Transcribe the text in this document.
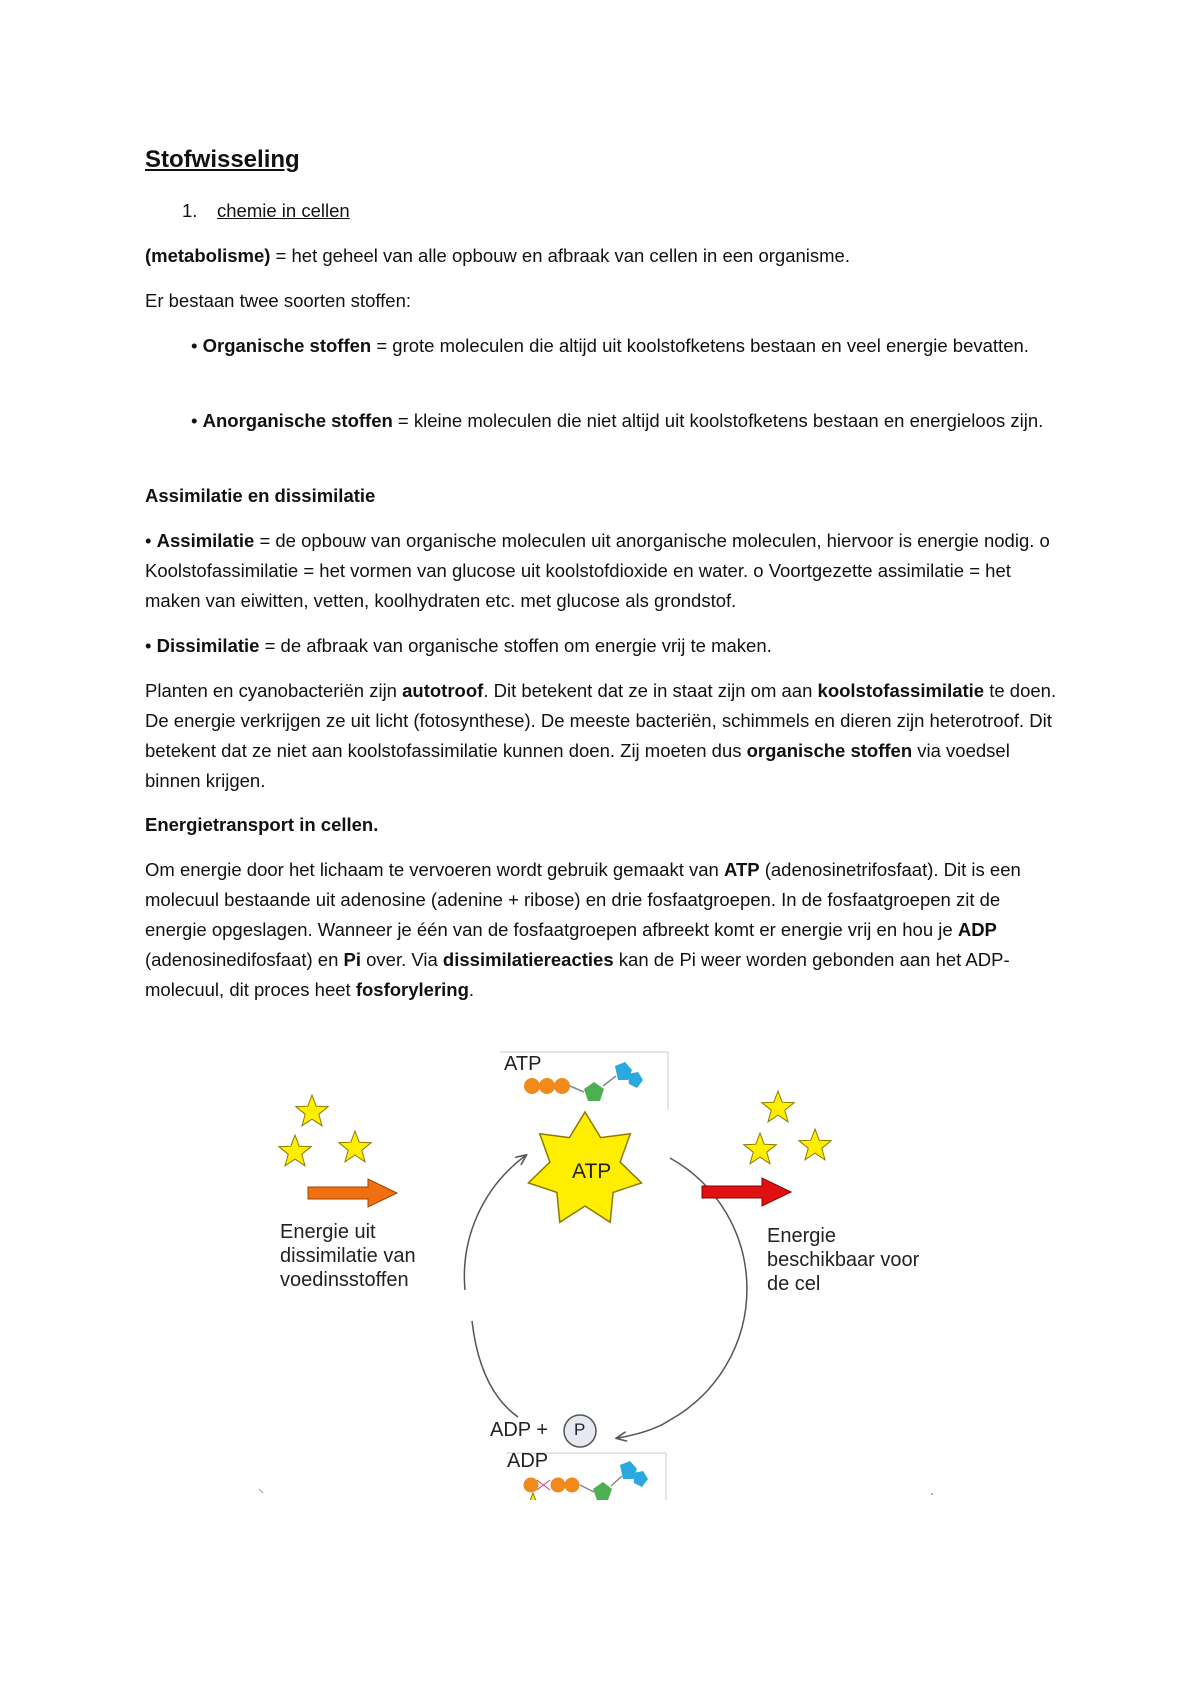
Stofwisseling
1. chemie in cellen

(metabolisme) = het geheel van alle opbouw en afbraak van cellen in een organisme.

Er bestaan twee soorten stoffen:

• Organische stoffen = grote moleculen die altijd uit koolstofketens bestaan en veel energie bevatten.

• Anorganische stoffen = kleine moleculen die niet altijd uit koolstofketens bestaan en energieloos zijn.

Assimilatie en dissimilatie

• Assimilatie = de opbouw van organische moleculen uit anorganische moleculen, hiervoor is energie nodig. o Koolstofassimilatie = het vormen van glucose uit koolstofdioxide en water. o Voortgezette assimilatie = het maken van eiwitten, vetten, koolhydraten etc. met glucose als grondstof.

• Dissimilatie = de afbraak van organische stoffen om energie vrij te maken.

Planten en cyanobacteriën zijn autotroof. Dit betekent dat ze in staat zijn om aan koolstofassimilatie te doen. De energie verkrijgen ze uit licht (fotosynthese). De meeste bacteriën, schimmels en dieren zijn heterotroof. Dit betekent dat ze niet aan koolstofassimilatie kunnen doen. Zij moeten dus organische stoffen via voedsel binnen krijgen.

Energietransport in cellen.

Om energie door het lichaam te vervoeren wordt gebruik gemaakt van ATP (adenosinetrifosfaat). Dit is een molecuul bestaande uit adenosine (adenine + ribose) en drie fosfaatgroepen. In de fosfaatgroepen zit de energie opgeslagen. Wanneer je één van de fosfaatgroepen afbreekt komt er energie vrij en hou je ADP (adenosinedifosfaat) en Pi over. Via dissimilatiereacties kan de Pi weer worden gebonden aan het ADP-molecuul, dit proces heet fosforylering.

ATP
ATP
ADP
ADP + P
Energie uit
dissimilatie van
voedinsstoffen
Energie
beschikbaar voor
de cel
